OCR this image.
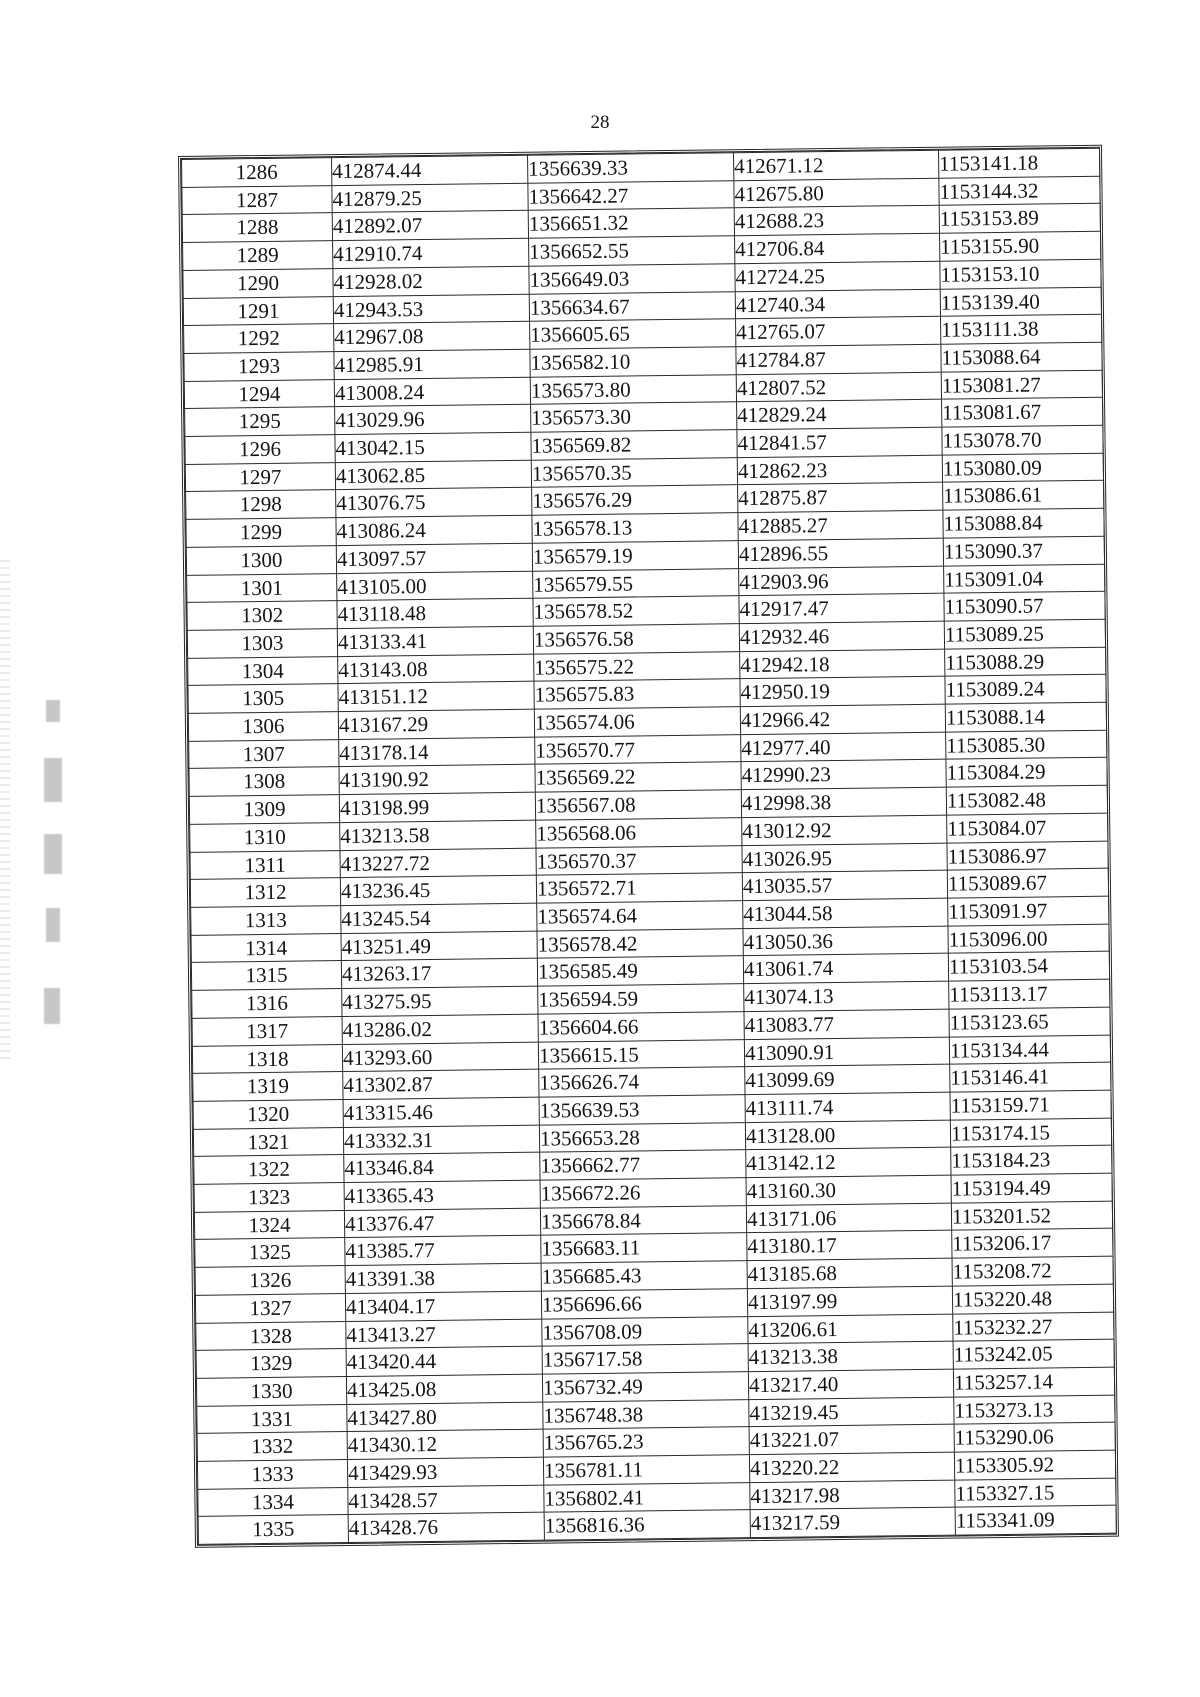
28
1286	412874.44	1356639.33	412671.12	1153141.18
1287	412879.25	1356642.27	412675.80	1153144.32
1288	412892.07	1356651.32	412688.23	1153153.89
1289	412910.74	1356652.55	412706.84	1153155.90
1290	412928.02	1356649.03	412724.25	1153153.10
1291	412943.53	1356634.67	412740.34	1153139.40
1292	412967.08	1356605.65	412765.07	1153111.38
1293	412985.91	1356582.10	412784.87	1153088.64
1294	413008.24	1356573.80	412807.52	1153081.27
1295	413029.96	1356573.30	412829.24	1153081.67
1296	413042.15	1356569.82	412841.57	1153078.70
1297	413062.85	1356570.35	412862.23	1153080.09
1298	413076.75	1356576.29	412875.87	1153086.61
1299	413086.24	1356578.13	412885.27	1153088.84
1300	413097.57	1356579.19	412896.55	1153090.37
1301	413105.00	1356579.55	412903.96	1153091.04
1302	413118.48	1356578.52	412917.47	1153090.57
1303	413133.41	1356576.58	412932.46	1153089.25
1304	413143.08	1356575.22	412942.18	1153088.29
1305	413151.12	1356575.83	412950.19	1153089.24
1306	413167.29	1356574.06	412966.42	1153088.14
1307	413178.14	1356570.77	412977.40	1153085.30
1308	413190.92	1356569.22	412990.23	1153084.29
1309	413198.99	1356567.08	412998.38	1153082.48
1310	413213.58	1356568.06	413012.92	1153084.07
1311	413227.72	1356570.37	413026.95	1153086.97
1312	413236.45	1356572.71	413035.57	1153089.67
1313	413245.54	1356574.64	413044.58	1153091.97
1314	413251.49	1356578.42	413050.36	1153096.00
1315	413263.17	1356585.49	413061.74	1153103.54
1316	413275.95	1356594.59	413074.13	1153113.17
1317	413286.02	1356604.66	413083.77	1153123.65
1318	413293.60	1356615.15	413090.91	1153134.44
1319	413302.87	1356626.74	413099.69	1153146.41
1320	413315.46	1356639.53	413111.74	1153159.71
1321	413332.31	1356653.28	413128.00	1153174.15
1322	413346.84	1356662.77	413142.12	1153184.23
1323	413365.43	1356672.26	413160.30	1153194.49
1324	413376.47	1356678.84	413171.06	1153201.52
1325	413385.77	1356683.11	413180.17	1153206.17
1326	413391.38	1356685.43	413185.68	1153208.72
1327	413404.17	1356696.66	413197.99	1153220.48
1328	413413.27	1356708.09	413206.61	1153232.27
1329	413420.44	1356717.58	413213.38	1153242.05
1330	413425.08	1356732.49	413217.40	1153257.14
1331	413427.80	1356748.38	413219.45	1153273.13
1332	413430.12	1356765.23	413221.07	1153290.06
1333	413429.93	1356781.11	413220.22	1153305.92
1334	413428.57	1356802.41	413217.98	1153327.15
1335	413428.76	1356816.36	413217.59	1153341.09
